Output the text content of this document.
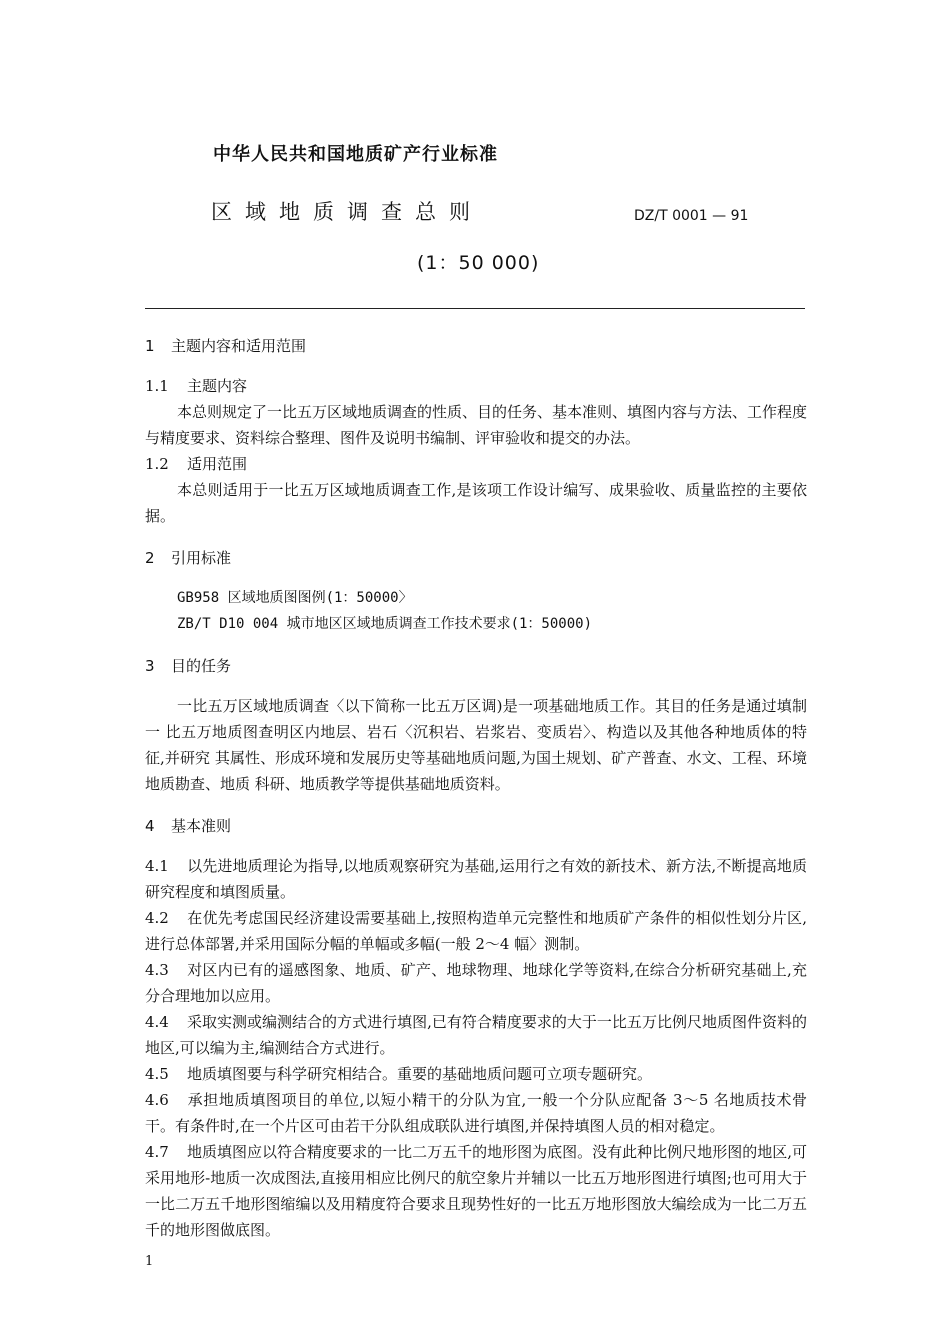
中华人民共和国地质矿产行业标准
区域地质调查总则	DZ/T 0001 — 91
(1：50 000)

1 主题内容和适用范围

1.1 主题内容

本总则规定了一比五万区域地质调查的性质、目的任务、基本准则、填图内容与方法、工作程度与精度要求、资料综合整理、图件及说明书编制、评审验收和提交的办法。

1.2 适用范围

本总则适用于一比五万区域地质调查工作,是该项工作设计编写、成果验收、质量监控的主要依据。

2 引用标准

GB958 区域地质图图例(1：50000〉

ZB/T D10 004 城市地区区域地质调查工作技术要求(1：50000)

3 目的任务

一比五万区域地质调查〈以下简称一比五万区调)是一项基础地质工作。其目的任务是通过填制一 比五万地质图查明区内地层、岩石〈沉积岩、岩浆岩、变质岩〉、构造以及其他各种地质体的特征,并研究 其属性、形成环境和发展历史等基础地质问题,为国土规划、矿产普查、水文、工程、环境地质勘查、地质 科研、地质教学等提供基础地质资料。

4 基本准则

4.1 以先进地质理论为指导,以地质观察研究为基础,运用行之有效的新技术、新方法,不断提高地质 研究程度和填图质量。

4.2 在优先考虑国民经济建设需要基础上,按照构造单元完整性和地质矿产条件的相似性划分片区,进行总体部署,并采用国际分幅的单幅或多幅(一般 2～4 幅〉测制。

4.3 对区内已有的遥感图象、地质、矿产、地球物理、地球化学等资料,在综合分析研究基础上,充分合理地加以应用。

4.4 采取实测或编测结合的方式进行填图,已有符合精度要求的大于一比五万比例尺地质图件资料的 地区,可以编为主,编测结合方式进行。

4.5 地质填图要与科学研究相结合。重要的基础地质问题可立项专题研究。

4.6 承担地质填图项目的单位,以短小精干的分队为宜,一般一个分队应配备 3～5 名地质技术骨干。有条件时,在一个片区可由若干分队组成联队进行填图,并保持填图人员的相对稳定。

4.7 地质填图应以符合精度要求的一比二万五千的地形图为底图。没有此种比例尺地形图的地区,可采用地形-地质一次成图法,直接用相应比例尺的航空象片并辅以一比五万地形图进行填图;也可用大于一比二万五千地形图缩编以及用精度符合要求且现势性好的一比五万地形图放大编绘成为一比二万五千的地形图做底图。

1
